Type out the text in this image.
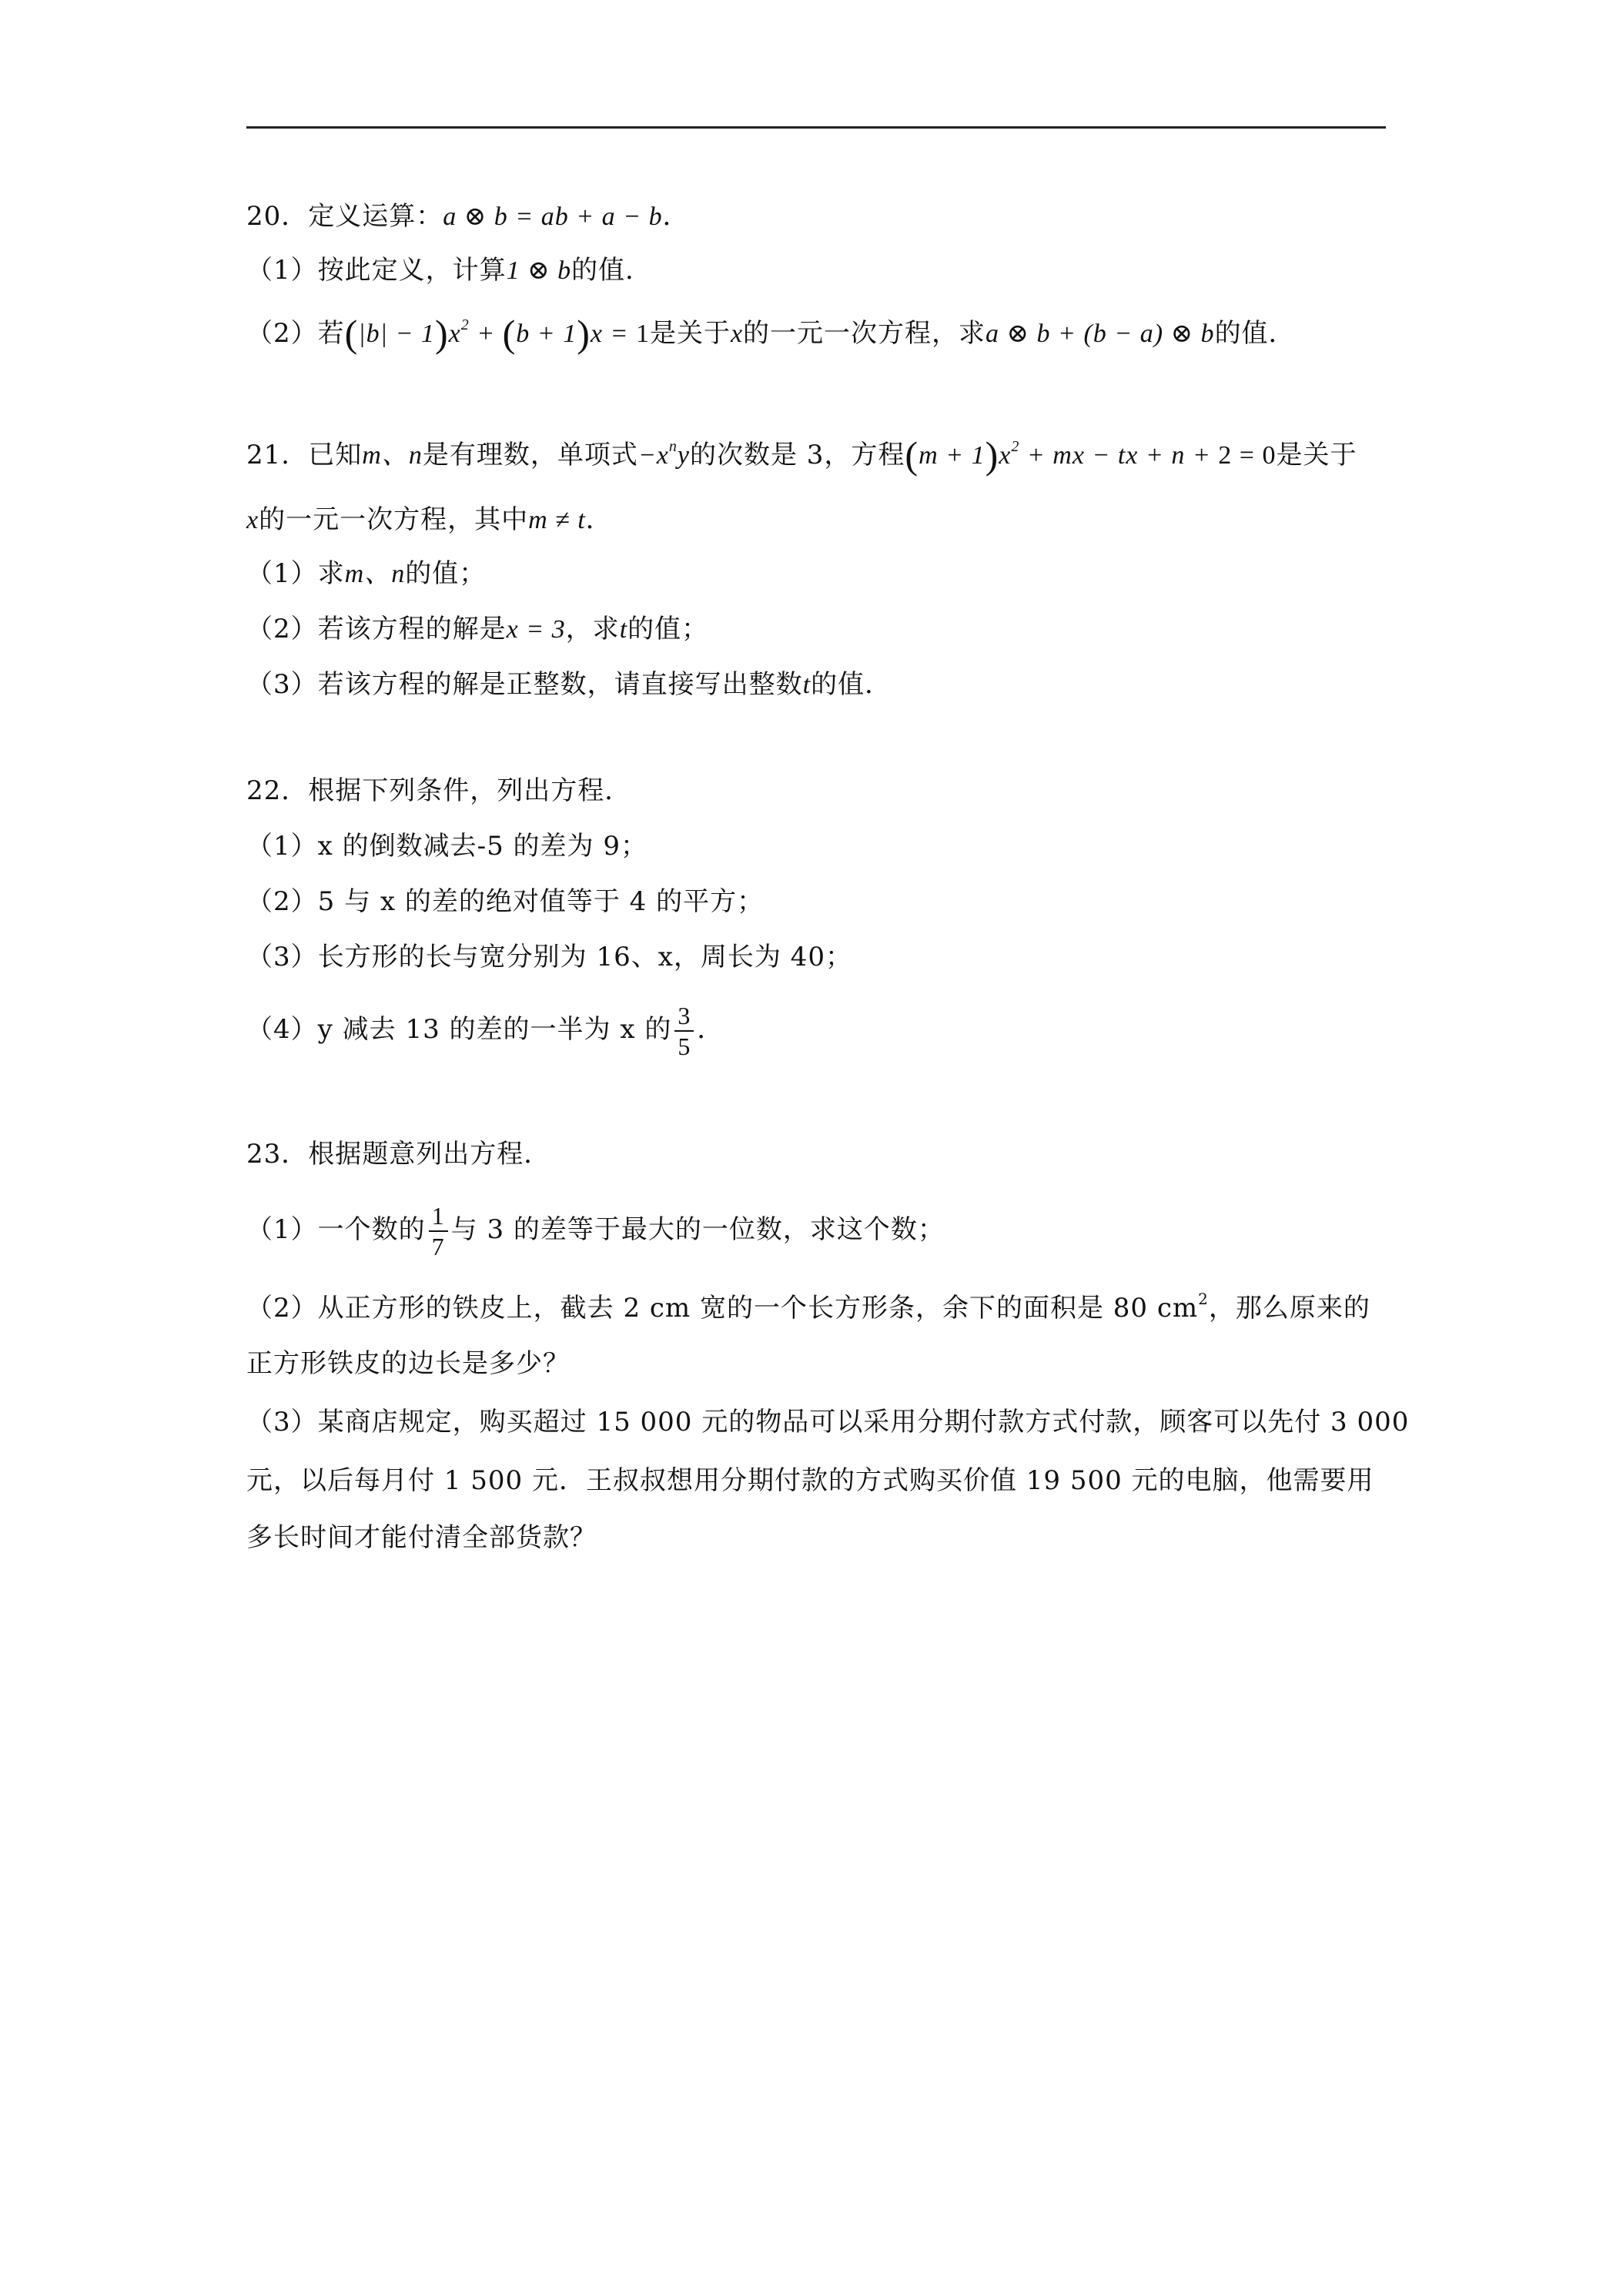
20．定义运算：a ⊗ b = ab + a − b．
（1）按此定义，计算1 ⊗ b的值．
（2）若$(|b| - 1)x^2 + (b + 1)x = 1$是关于x的一元一次方程，求a ⊗ b + (b − a) ⊗ b的值．
21．已知m、n是有理数，单项式$-x^ny$的次数是 3，方程$(m + 1)x^2$ + mx − tx + n + 2 = 0是关于
x的一元一次方程，其中m ≠ t．
（1）求m、n的值；
（2）若该方程的解是x = 3，求t的值；
（3）若该方程的解是正整数，请直接写出整数t的值．
22．根据下列条件，列出方程．
（1）x 的倒数减去-5 的差为 9；
（2）5 与 x 的差的绝对值等于 4 的平方；
（3）长方形的长与宽分别为 16、x，周长为 40；
（4）y 减去 13 的差的一半为 x 的 $\frac{3}{5}$ ．
23．根据题意列出方程．
（1）一个数的 $\frac{1}{7}$ 与 3 的差等于最大的一位数，求这个数；
（2）从正方形的铁皮上，截去 2 cm 宽的一个长方形条，余下的面积是 80 $cm^2$，那么原来的
正方形铁皮的边长是多少？
（3）某商店规定，购买超过 15 000 元的物品可以采用分期付款方式付款，顾客可以先付 3 000
元，以后每月付 1 500 元．王叔叔想用分期付款的方式购买价值 19 500 元的电脑，他需要用
多长时间才能付清全部货款？
